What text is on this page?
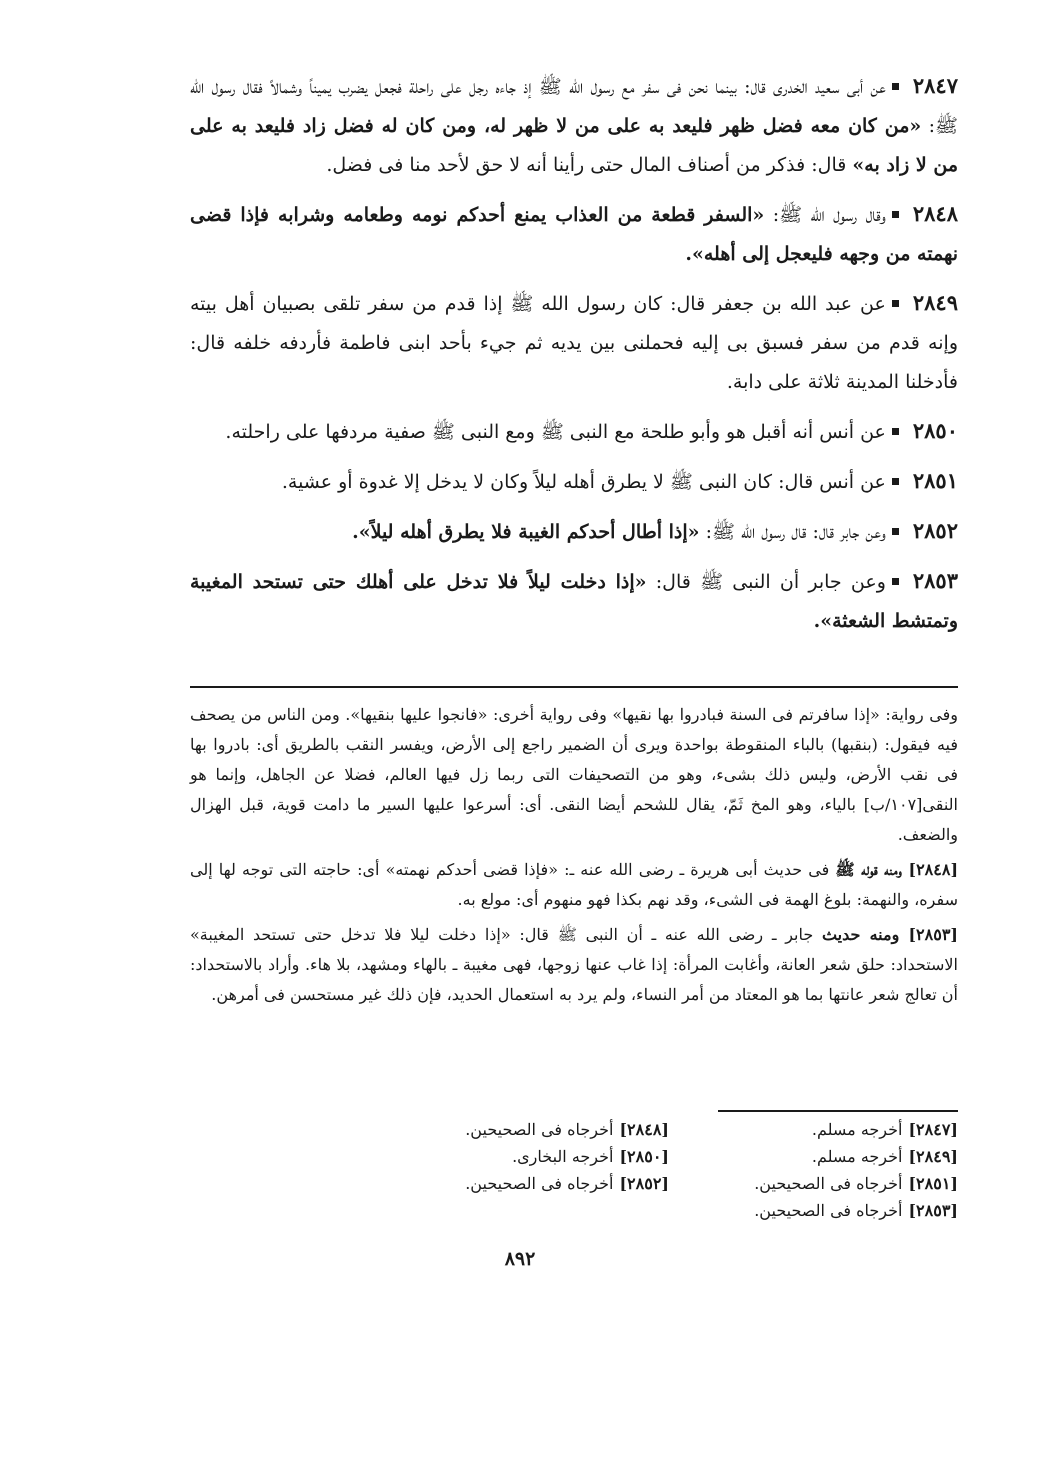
٢٨٤٧عن أبى سعيد الخدرى قال: بينما نحن فى سفر مع رسول الله ﷺ إذ جاءه رجل على راحلة فجعل يضرب يميناً وشمالاً فقال رسول الله ﷺ: «من كان معه فضل ظهر فليعد به على من لا ظهر له، ومن كان له فضل زاد فليعد به على من لا زاد به» قال: فذكر من أصناف المال حتى رأينا أنه لا حق لأحد منا فى فضل.

٢٨٤٨وقال رسول الله ﷺ: «السفر قطعة من العذاب يمنع أحدكم نومه وطعامه وشرابه فإذا قضى نهمته من وجهه فليعجل إلى أهله».

٢٨٤٩عن عبد الله بن جعفر قال: كان رسول الله ﷺ إذا قدم من سفر تلقى بصبيان أهل بيته وإنه قدم من سفر فسبق بى إليه فحملنى بين يديه ثم جيء بأحد ابنى فاطمة فأردفه خلفه قال: فأدخلنا المدينة ثلاثة على دابة.

٢٨٥٠عن أنس أنه أقبل هو وأبو طلحة مع النبى ﷺ ومع النبى ﷺ صفية مردفها على راحلته.

٢٨٥١عن أنس قال: كان النبى ﷺ لا يطرق أهله ليلاً وكان لا يدخل إلا غدوة أو عشية.

٢٨٥٢وعن جابر قال: قال رسول الله ﷺ: «إذا أطال أحدكم الغيبة فلا يطرق أهله ليلاً».

٢٨٥٣وعن جابر أن النبى ﷺ قال: «إذا دخلت ليلاً فلا تدخل على أهلك حتى تستحد المغيبة وتمتشط الشعثة».

وفى رواية: «إذا سافرتم فى السنة فبادروا بها نقيها» وفى رواية أخرى: «فانجوا عليها بنقيها». ومن الناس من يصحف فيه فيقول: (بنقبها) بالباء المنقوطة بواحدة ويرى أن الضمير راجع إلى الأرض، ويفسر النقب بالطريق أى: بادروا بها فى نقب الأرض، وليس ذلك بشىء، وهو من التصحيفات التى ربما زل فيها العالم، فضلا عن الجاهل، وإنما هو النقى[١٠٧/ب] بالياء، وهو المخ ثَمّ، يقال للشحم أيضا النقى. أى: أسرعوا عليها السير ما دامت قوية، قبل الهزال والضعف.

[٢٨٤٨] ومنه قوله ﷺ فى حديث أبى هريرة ـ رضى الله عنه ـ: «فإذا قضى أحدكم نهمته» أى: حاجته التى توجه لها إلى سفره، والنهمة: بلوغ الهمة فى الشىء، وقد نهم بكذا فهو منهوم أى: مولع به.

[٢٨٥٣] ومنه حديث جابر ـ رضى الله عنه ـ أن النبى ﷺ قال: «إذا دخلت ليلا فلا تدخل حتى تستحد المغيبة» الاستحداد: حلق شعر العانة، وأغابت المرأة: إذا غاب عنها زوجها، فهى مغيبة ـ بالهاء ومشهد، بلا هاء. وأراد بالاستحداد: أن تعالج شعر عانتها بما هو المعتاد من أمر النساء، ولم يرد به استعمال الحديد، فإن ذلك غير مستحسن فى أمرهن.

[٢٨٤٧]أخرجه مسلم.
[٢٨٤٨]أخرجاه فى الصحيحين.
[٢٨٤٩]أخرجه مسلم.
[٢٨٥٠]أخرجه البخارى.
[٢٨٥١]أخرجاه فى الصحيحين.
[٢٨٥٢]أخرجاه فى الصحيحين.
[٢٨٥٣]أخرجاه فى الصحيحين.
٨٩٢
